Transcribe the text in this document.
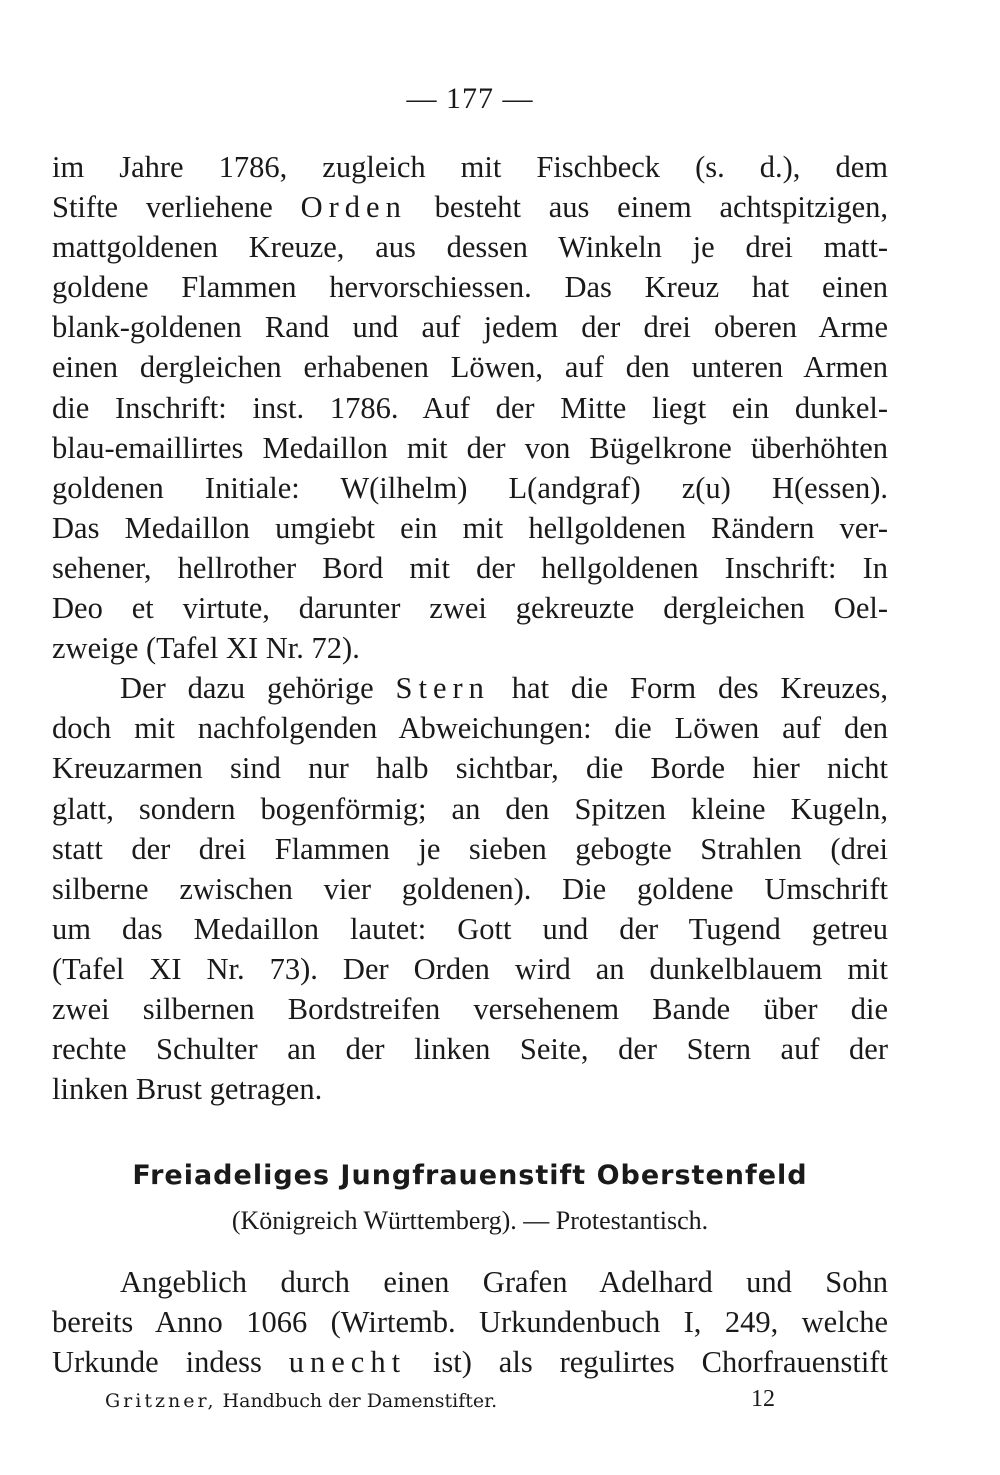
— 177 —
im Jahre 1786, zugleich mit Fischbeck (s. d.), dem
Stifte verliehene Orden besteht aus einem achtspitzigen,
mattgoldenen Kreuze, aus dessen Winkeln je drei matt-
goldene Flammen hervorschiessen. Das Kreuz hat einen
blank-goldenen Rand und auf jedem der drei oberen Arme
einen dergleichen erhabenen Löwen, auf den unteren Armen
die Inschrift: inst. 1786. Auf der Mitte liegt ein dunkel-
blau-emaillirtes Medaillon mit der von Bügelkrone überhöhten
goldenen Initiale: W(ilhelm) L(andgraf) z(u) H(essen).
Das Medaillon umgiebt ein mit hellgoldenen Rändern ver-
sehener, hellrother Bord mit der hellgoldenen Inschrift: In
Deo et virtute, darunter zwei gekreuzte dergleichen Oel-
zweige (Tafel XI Nr. 72).
Der dazu gehörige Stern hat die Form des Kreuzes,
doch mit nachfolgenden Abweichungen: die Löwen auf den
Kreuzarmen sind nur halb sichtbar, die Borde hier nicht
glatt, sondern bogenförmig; an den Spitzen kleine Kugeln,
statt der drei Flammen je sieben gebogte Strahlen (drei
silberne zwischen vier goldenen). Die goldene Umschrift
um das Medaillon lautet: Gott und der Tugend getreu
(Tafel XI Nr. 73). Der Orden wird an dunkelblauem mit
zwei silbernen Bordstreifen versehenem Bande über die
rechte Schulter an der linken Seite, der Stern auf der
linken Brust getragen.
Freiadeliges Jungfrauenstift Oberstenfeld
(Königreich Württemberg). — Protestantisch.
Angeblich durch einen Grafen Adelhard und Sohn
bereits Anno 1066 (Wirtemb. Urkundenbuch I, 249, welche
Urkunde indess unecht ist) als regulirtes Chorfrauenstift
Gritzner, Handbuch der Damenstifter.	12
